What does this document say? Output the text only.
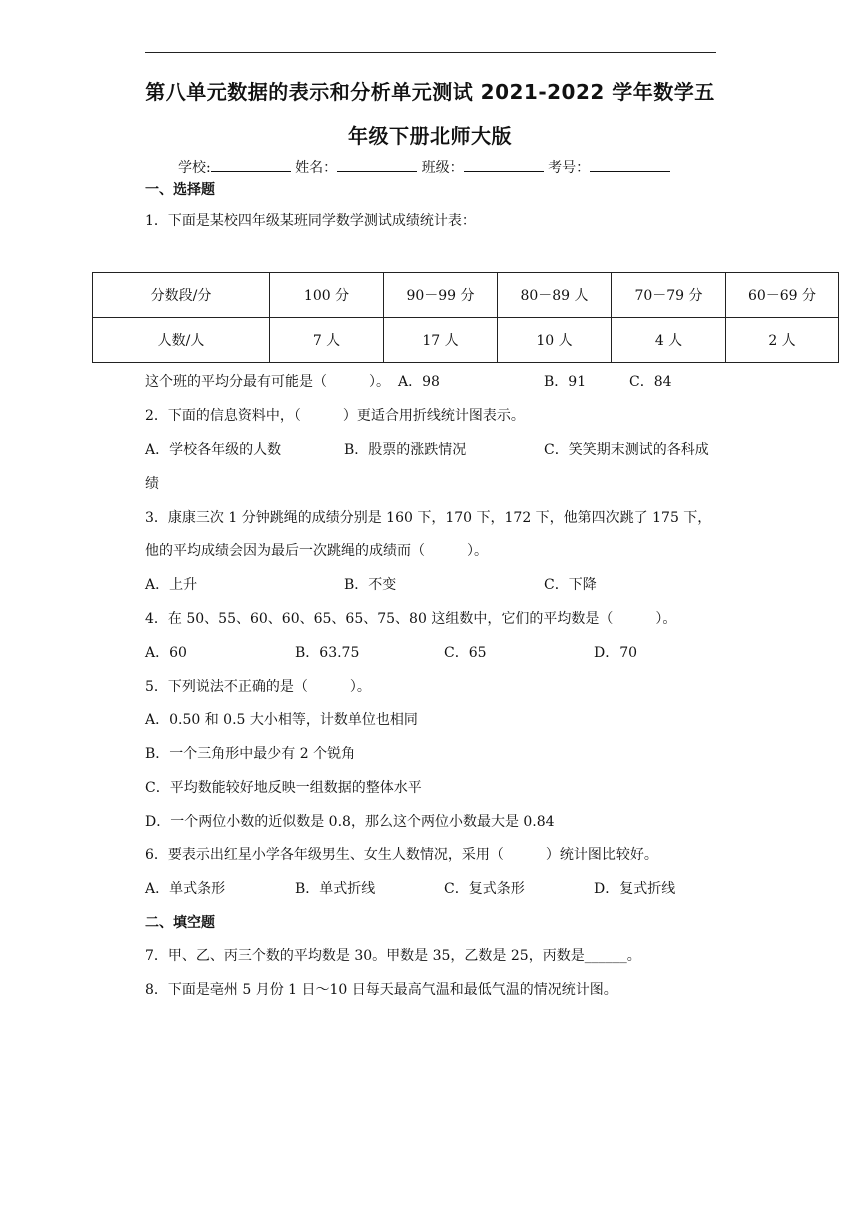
第八单元数据的表示和分析单元测试 2021-2022 学年数学五
年级下册北师大版
学校:	姓名：	班级：	考号：
一、选择题
1．下面是某校四年级某班同学数学测试成绩统计表：
分数段/分	100 分	90－99 分	80－89 人	70－79 分	60－69 分
人数/人	7 人	17 人	10 人	4 人	2 人
这个班的平均分最有可能是（　　　）。 A．98	B．91	C．84
2．下面的信息资料中，（　　　）更适合用折线统计图表示。
A．学校各年级的人数	B．股票的涨跌情况	C．笑笑期末测试的各科成
绩
3．康康三次 1 分钟跳绳的成绩分别是 160 下，170 下，172 下，他第四次跳了 175 下，
他的平均成绩会因为最后一次跳绳的成绩而（　　　）。
A．上升	B．不变	C．下降
4．在 50、55、60、60、65、65、75、80 这组数中，它们的平均数是（　　　）。
A．60	B．63.75	C．65	D．70
5．下列说法不正确的是（　　　）。
A．0.50 和 0.5 大小相等，计数单位也相同
B．一个三角形中最少有 2 个锐角
C．平均数能较好地反映一组数据的整体水平
D．一个两位小数的近似数是 0.8，那么这个两位小数最大是 0.84
6．要表示出红星小学各年级男生、女生人数情况，采用（　　　）统计图比较好。
A．单式条形	B．单式折线	C．复式条形	D．复式折线
二、填空题
7．甲、乙、丙三个数的平均数是 30。甲数是 35，乙数是 25，丙数是______。
8．下面是亳州 5 月份 1 日～10 日每天最高气温和最低气温的情况统计图。
